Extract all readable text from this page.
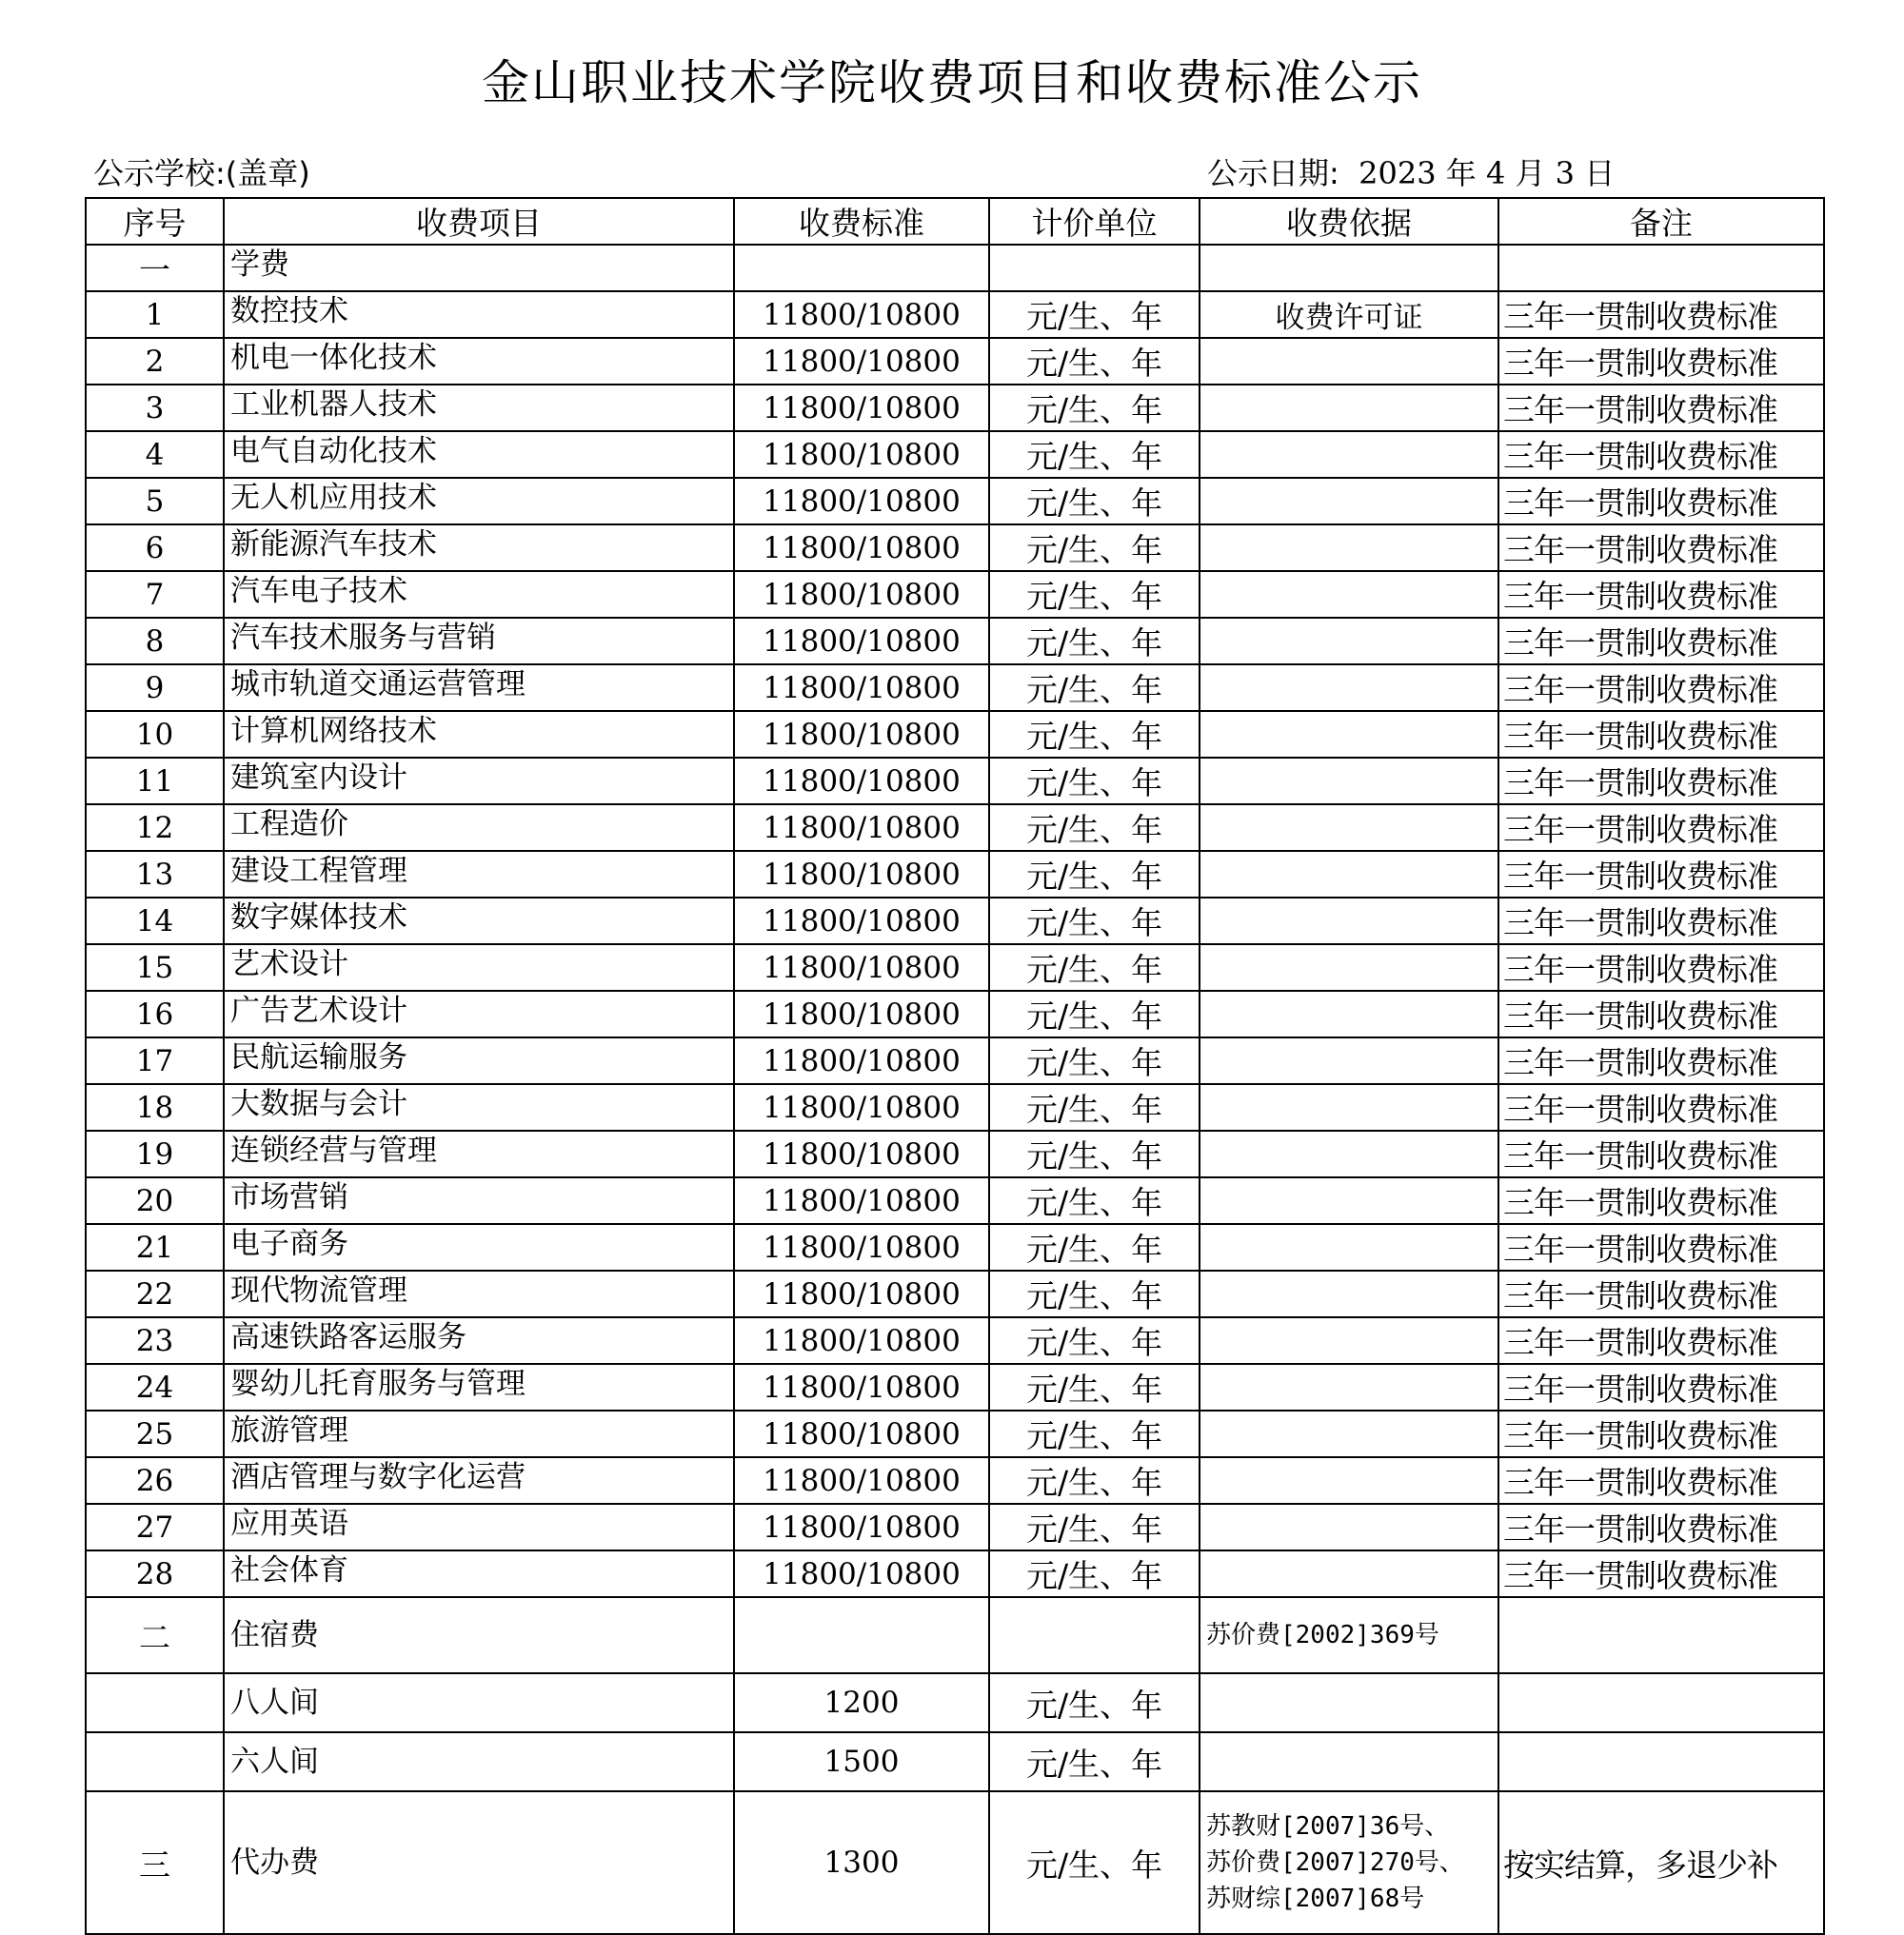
金山职业技术学院收费项目和收费标准公示
公示学校:(盖章)	公示日期: 2023 年 4 月 3 日
序号	收费项目	收费标准	计价单位	收费依据	备注
一	学费				
1	数控技术	11800/10800	元/生、年	收费许可证	三年一贯制收费标准
2	机电一体化技术	11800/10800	元/生、年		三年一贯制收费标准
3	工业机器人技术	11800/10800	元/生、年		三年一贯制收费标准
4	电气自动化技术	11800/10800	元/生、年		三年一贯制收费标准
5	无人机应用技术	11800/10800	元/生、年		三年一贯制收费标准
6	新能源汽车技术	11800/10800	元/生、年		三年一贯制收费标准
7	汽车电子技术	11800/10800	元/生、年		三年一贯制收费标准
8	汽车技术服务与营销	11800/10800	元/生、年		三年一贯制收费标准
9	城市轨道交通运营管理	11800/10800	元/生、年		三年一贯制收费标准
10	计算机网络技术	11800/10800	元/生、年		三年一贯制收费标准
11	建筑室内设计	11800/10800	元/生、年		三年一贯制收费标准
12	工程造价	11800/10800	元/生、年		三年一贯制收费标准
13	建设工程管理	11800/10800	元/生、年		三年一贯制收费标准
14	数字媒体技术	11800/10800	元/生、年		三年一贯制收费标准
15	艺术设计	11800/10800	元/生、年		三年一贯制收费标准
16	广告艺术设计	11800/10800	元/生、年		三年一贯制收费标准
17	民航运输服务	11800/10800	元/生、年		三年一贯制收费标准
18	大数据与会计	11800/10800	元/生、年		三年一贯制收费标准
19	连锁经营与管理	11800/10800	元/生、年		三年一贯制收费标准
20	市场营销	11800/10800	元/生、年		三年一贯制收费标准
21	电子商务	11800/10800	元/生、年		三年一贯制收费标准
22	现代物流管理	11800/10800	元/生、年		三年一贯制收费标准
23	高速铁路客运服务	11800/10800	元/生、年		三年一贯制收费标准
24	婴幼儿托育服务与管理	11800/10800	元/生、年		三年一贯制收费标准
25	旅游管理	11800/10800	元/生、年		三年一贯制收费标准
26	酒店管理与数字化运营	11800/10800	元/生、年		三年一贯制收费标准
27	应用英语	11800/10800	元/生、年		三年一贯制收费标准
28	社会体育	11800/10800	元/生、年		三年一贯制收费标准
二	住宿费			苏价费[2002]369号	
	八人间	1200	元/生、年		
	六人间	1500	元/生、年		
三	代办费	1300	元/生、年	苏教财[2007]36号、
苏价费[2007]270号、
苏财综[2007]68号	按实结算，多退少补
